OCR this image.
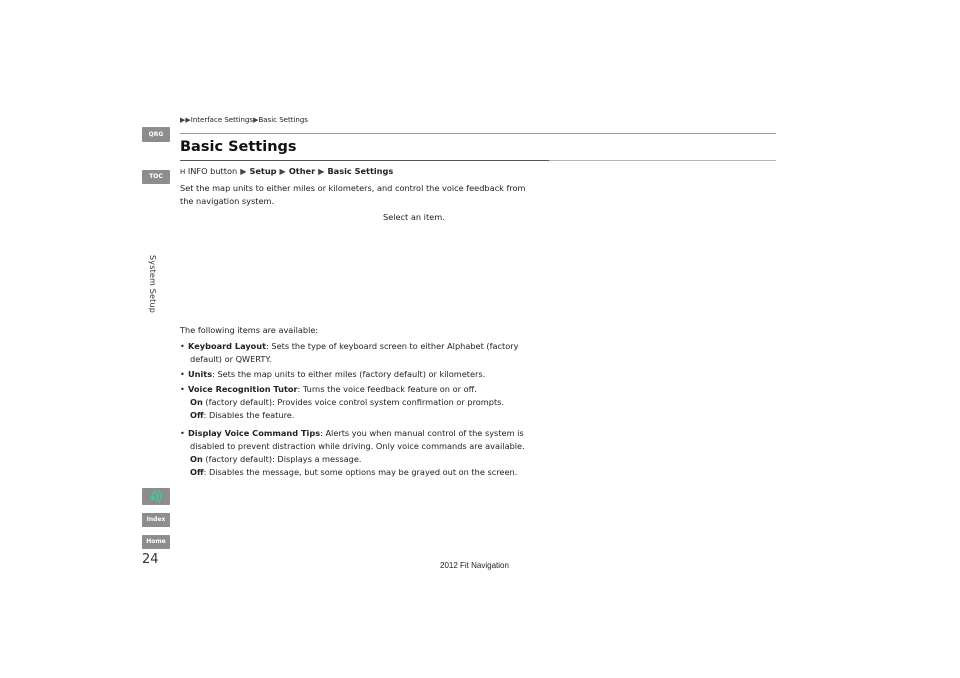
QRG
TOC
System Setup
Index
Home
▶▶Interface Settings▶Basic Settings
Basic Settings
H INFO button ▶ Setup ▶ Other ▶ Basic Settings
Set the map units to either miles or kilometers, and control the voice feedback from
the navigation system.
Select an item.
The following items are available:
• Keyboard Layout: Sets the type of keyboard screen to either Alphabet (factory
default) or QWERTY.
• Units: Sets the map units to either miles (factory default) or kilometers.
• Voice Recognition Tutor: Turns the voice feedback feature on or off.
On (factory default): Provides voice control system confirmation or prompts.
Off: Disables the feature.
• Display Voice Command Tips: Alerts you when manual control of the system is
disabled to prevent distraction while driving. Only voice commands are available.
On (factory default): Displays a message.
Off: Disables the message, but some options may be grayed out on the screen.
24	2012 Fit Navigation
